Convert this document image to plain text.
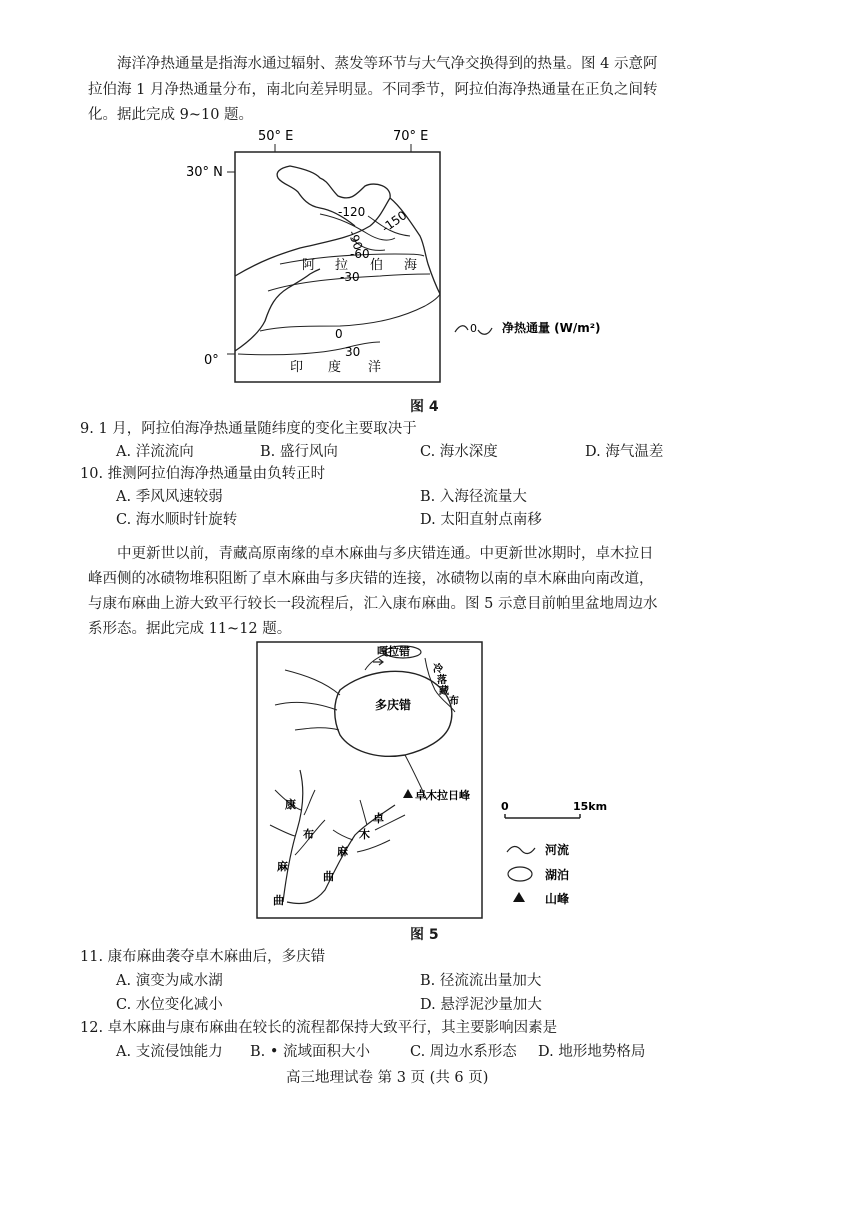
海洋净热通量是指海水通过辐射、蒸发等环节与大气净交换得到的热量。图 4 示意阿
拉伯海 1 月净热通量分布，南北向差异明显。不同季节，阿拉伯海净热通量在正负之间转
化。据此完成 9~10 题。
50° E	70° E
30° N
0°
-120 -150
-90
-60
-30
0
30
阿 拉 伯 海
印 度 洋
0 净热通量 (W/m²)
图 4
9. 1 月，阿拉伯海净热通量随纬度的变化主要取决于
A. 洋流流向	B. 盛行风向	C. 海水深度	D. 海气温差
10. 推测阿拉伯海净热通量由负转正时
A. 季风风速较弱	B. 入海径流量大
C. 海水顺时针旋转	D. 太阳直射点南移
中更新世以前，青藏高原南缘的卓木麻曲与多庆错连通。中更新世冰期时，卓木拉日
峰西侧的冰碛物堆积阻断了卓木麻曲与多庆错的连接，冰碛物以南的卓木麻曲向南改道，
与康布麻曲上游大致平行较长一段流程后，汇入康布麻曲。图 5 示意目前帕里盆地周边水
系形态。据此完成 11~12 题。
嘎拉错
冷
落
藏
布
多庆错
卓木拉日峰
康
布
麻
曲
卓
木
麻
曲
0	15km
河流
湖泊
山峰
图 5
11. 康布麻曲袭夺卓木麻曲后，多庆错
A. 演变为咸水湖	B. 径流流出量加大
C. 水位变化减小	D. 悬浮泥沙量加大
12. 卓木麻曲与康布麻曲在较长的流程都保持大致平行，其主要影响因素是
A. 支流侵蚀能力 B. • 流域面积大小	C. 周边水系形态 D. 地形地势格局
高三地理试卷 第 3 页 (共 6 页)
